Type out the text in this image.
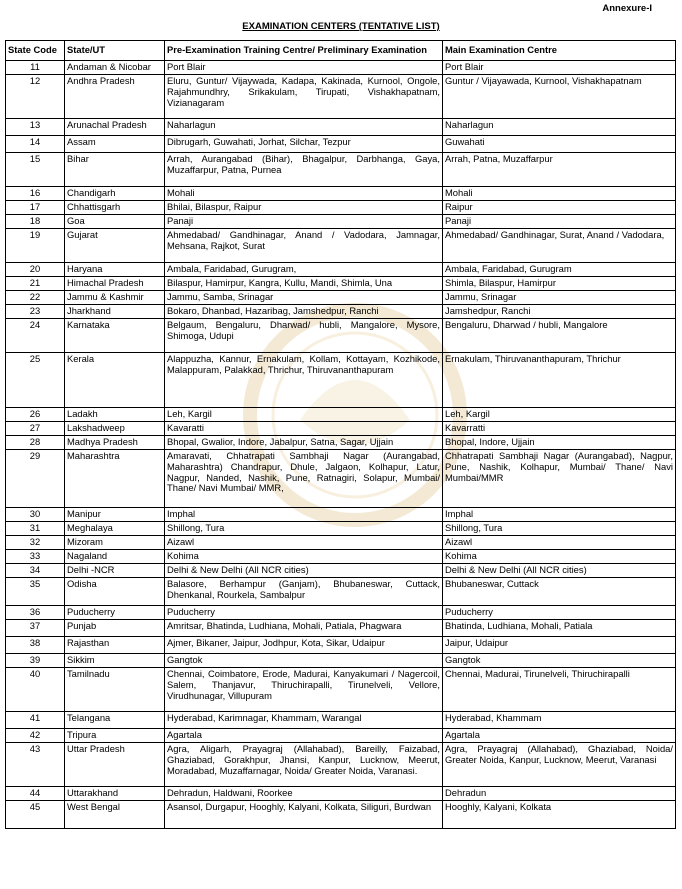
Annexure-I
EXAMINATION CENTERS (TENTATIVE LIST)
State Code	State/UT	Pre-Examination Training Centre/ Preliminary Examination	Main Examination Centre
11	Andaman & Nicobar	Port Blair	Port Blair
12	Andhra Pradesh	Eluru, Guntur/ Vijaywada, Kadapa, Kakinada, Kurnool, Ongole, Rajahmundhry, Srikakulam, Tirupati, Vishakhapatnam, Vizianagaram	Guntur / Vijayawada, Kurnool, Vishakhapatnam
13	Arunachal Pradesh	Naharlagun	Naharlagun
14	Assam	Dibrugarh, Guwahati, Jorhat, Silchar, Tezpur	Guwahati
15	Bihar	Arrah, Aurangabad (Bihar), Bhagalpur, Darbhanga, Gaya, Muzaffarpur, Patna, Purnea	Arrah, Patna, Muzaffarpur
16	Chandigarh	Mohali	Mohali
17	Chhattisgarh	Bhilai, Bilaspur, Raipur	Raipur
18	Goa	Panaji	Panaji
19	Gujarat	Ahmedabad/ Gandhinagar, Anand / Vadodara, Jamnagar, Mehsana, Rajkot, Surat	Ahmedabad/ Gandhinagar, Surat, Anand / Vadodara,
20	Haryana	Ambala, Faridabad, Gurugram,	Ambala, Faridabad, Gurugram
21	Himachal Pradesh	Bilaspur, Hamirpur, Kangra, Kullu, Mandi, Shimla, Una	Shimla, Bilaspur, Hamirpur
22	Jammu & Kashmir	Jammu, Samba, Srinagar	Jammu, Srinagar
23	Jharkhand	Bokaro, Dhanbad, Hazaribag, Jamshedpur, Ranchi	Jamshedpur, Ranchi
24	Karnataka	Belgaum, Bengaluru, Dharwad/ hubli, Mangalore, Mysore, Shimoga, Udupi	Bengaluru, Dharwad / hubli, Mangalore
25	Kerala	Alappuzha, Kannur, Ernakulam, Kollam, Kottayam, Kozhikode, Malappuram, Palakkad, Thrichur, Thiruvananthapuram	Ernakulam, Thiruvananthapuram, Thrichur
26	Ladakh	Leh, Kargil	Leh, Kargil
27	Lakshadweep	Kavaratti	Kavarratti
28	Madhya Pradesh	Bhopal, Gwalior, Indore, Jabalpur, Satna, Sagar, Ujjain	Bhopal, Indore, Ujjain
29	Maharashtra	Amaravati, Chhatrapati Sambhaji Nagar (Aurangabad, Maharashtra) Chandrapur, Dhule, Jalgaon, Kolhapur, Latur, Nagpur, Nanded, Nashik, Pune, Ratnagiri, Solapur, Mumbai/ Thane/ Navi Mumbai/ MMR,	Chhatrapati Sambhaji Nagar (Aurangabad), Nagpur, Pune, Nashik, Kolhapur, Mumbai/ Thane/ Navi Mumbai/MMR
30	Manipur	Imphal	Imphal
31	Meghalaya	Shillong, Tura	Shillong, Tura
32	Mizoram	Aizawl	Aizawl
33	Nagaland	Kohima	Kohima
34	Delhi -NCR	Delhi & New Delhi (All NCR cities)	Delhi & New Delhi (All NCR cities)
35	Odisha	Balasore, Berhampur (Ganjam), Bhubaneswar, Cuttack, Dhenkanal, Rourkela, Sambalpur	Bhubaneswar, Cuttack
36	Puducherry	Puducherry	Puducherry
37	Punjab	Amritsar, Bhatinda, Ludhiana, Mohali, Patiala, Phagwara	Bhatinda, Ludhiana, Mohali, Patiala
38	Rajasthan	Ajmer, Bikaner, Jaipur, Jodhpur, Kota, Sikar, Udaipur	Jaipur, Udaipur
39	Sikkim	Gangtok	Gangtok
40	Tamilnadu	Chennai, Coimbatore, Erode, Madurai, Kanyakumari / Nagercoil, Salem, Thanjavur, Thiruchirapalli, Tirunelveli, Vellore, Virudhunagar, Villupuram	Chennai, Madurai, Tirunelveli, Thiruchirapalli
41	Telangana	Hyderabad, Karimnagar, Khammam, Warangal	Hyderabad, Khammam
42	Tripura	Agartala	Agartala
43	Uttar Pradesh	Agra, Aligarh, Prayagraj (Allahabad), Bareilly, Faizabad, Ghaziabad, Gorakhpur, Jhansi, Kanpur, Lucknow, Meerut, Moradabad, Muzaffarnagar, Noida/ Greater Noida, Varanasi.	Agra, Prayagraj (Allahabad), Ghaziabad, Noida/ Greater Noida, Kanpur, Lucknow, Meerut, Varanasi
44	Uttarakhand	Dehradun, Haldwani, Roorkee	Dehradun
45	West Bengal	Asansol, Durgapur, Hooghly, Kalyani, Kolkata, Siliguri, Burdwan	Hooghly, Kalyani, Kolkata
